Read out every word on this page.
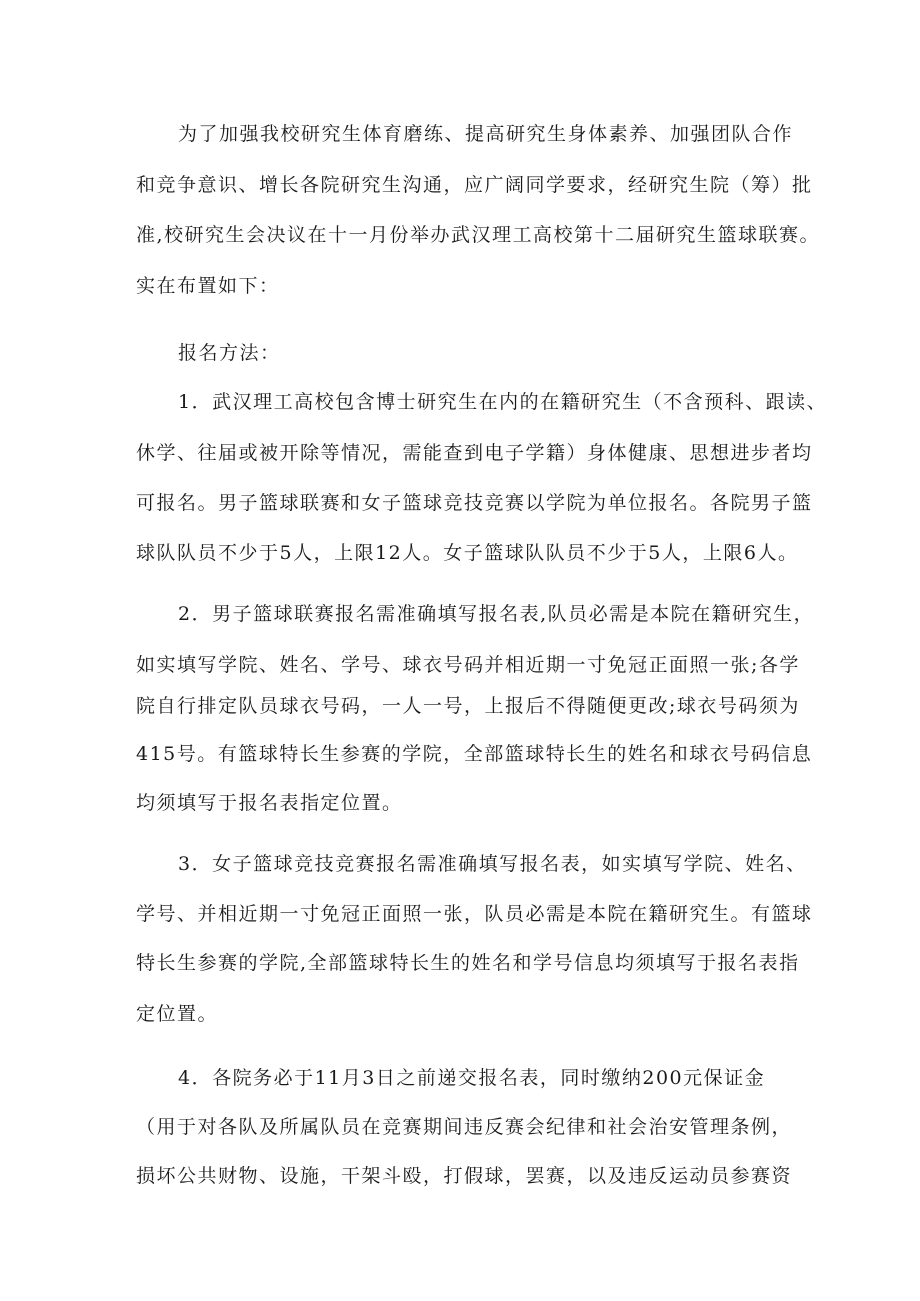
为了加强我校研究生体育磨练、提高研究生身体素养、加强团队合作
和竞争意识、增长各院研究生沟通，应广阔同学要求，经研究生院（筹）批
准,校研究生会决议在十一月份举办武汉理工高校第十二届研究生篮球联赛。
实在布置如下：
报名方法：
1．武汉理工高校包含博士研究生在内的在籍研究生（不含预科、跟读、
休学、往届或被开除等情况，需能查到电子学籍）身体健康、思想进步者均
可报名。男子篮球联赛和女子篮球竞技竞赛以学院为单位报名。各院男子篮
球队队员不少于5人，上限12人。女子篮球队队员不少于5人，上限6人。
2．男子篮球联赛报名需准确填写报名表,队员必需是本院在籍研究生，
如实填写学院、姓名、学号、球衣号码并相近期一寸免冠正面照一张;各学
院自行排定队员球衣号码，一人一号，上报后不得随便更改;球衣号码须为
415号。有篮球特长生参赛的学院，全部篮球特长生的姓名和球衣号码信息
均须填写于报名表指定位置。
3．女子篮球竞技竞赛报名需准确填写报名表，如实填写学院、姓名、
学号、并相近期一寸免冠正面照一张，队员必需是本院在籍研究生。有篮球
特长生参赛的学院,全部篮球特长生的姓名和学号信息均须填写于报名表指
定位置。
4．各院务必于11月3日之前递交报名表，同时缴纳200元保证金
（用于对各队及所属队员在竞赛期间违反赛会纪律和社会治安管理条例，
损坏公共财物、设施，干架斗殴，打假球，罢赛，以及违反运动员参赛资
